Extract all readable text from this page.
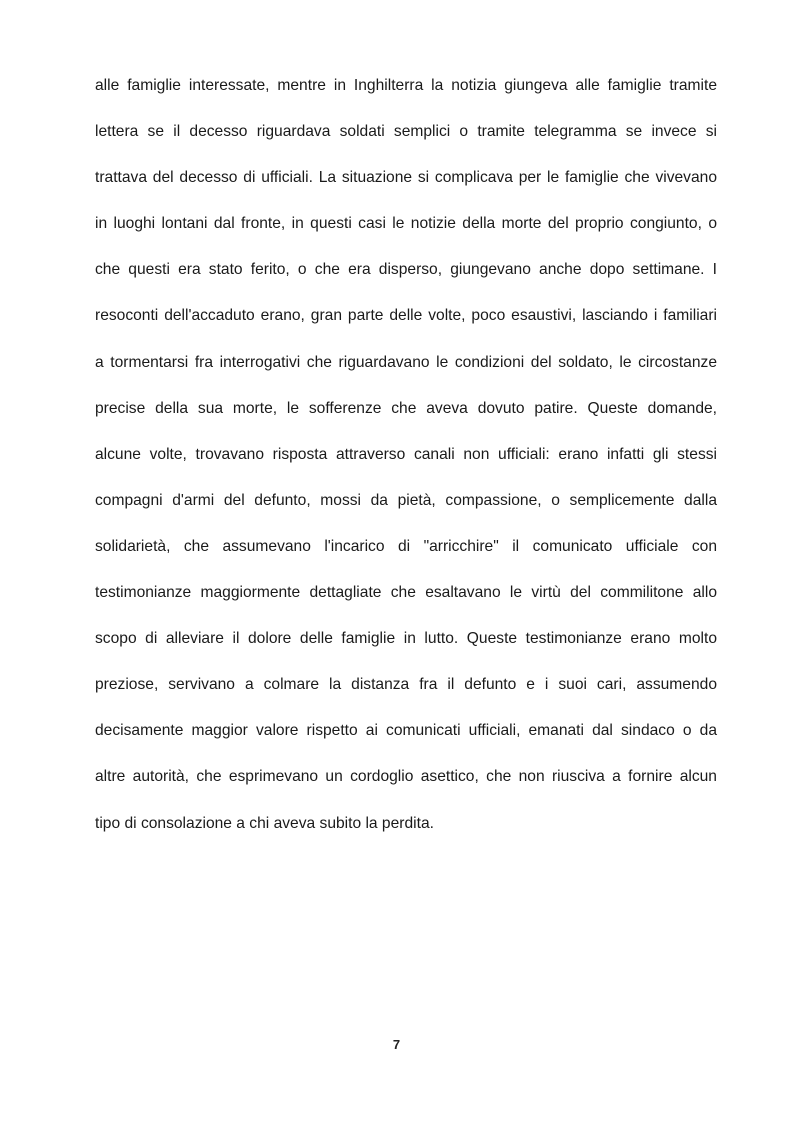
alle famiglie interessate, mentre in Inghilterra la notizia giungeva alle famiglie tramite
lettera se il decesso riguardava soldati semplici o tramite telegramma se invece si
trattava del decesso di ufficiali. La situazione si complicava per le famiglie che vivevano
in luoghi lontani dal fronte, in questi casi le notizie della morte del proprio congiunto, o
che questi era stato ferito, o che era disperso, giungevano anche dopo settimane. I
resoconti dell'accaduto erano, gran parte delle volte, poco esaustivi, lasciando i familiari
a tormentarsi fra interrogativi che riguardavano le condizioni del soldato, le circostanze
precise della sua morte, le sofferenze che aveva dovuto patire. Queste domande,
alcune volte, trovavano risposta attraverso canali non ufficiali: erano infatti gli stessi
compagni d'armi del defunto, mossi da pietà, compassione, o semplicemente dalla
solidarietà, che assumevano l'incarico di "arricchire" il comunicato ufficiale con
testimonianze maggiormente dettagliate che esaltavano le virtù del commilitone allo
scopo di alleviare il dolore delle famiglie in lutto. Queste testimonianze erano molto
preziose, servivano a colmare la distanza fra il defunto e i suoi cari, assumendo
decisamente maggior valore rispetto ai comunicati ufficiali, emanati dal sindaco o da
altre autorità, che esprimevano un cordoglio asettico, che non riusciva a fornire alcun
tipo di consolazione a chi aveva subito la perdita.
7
